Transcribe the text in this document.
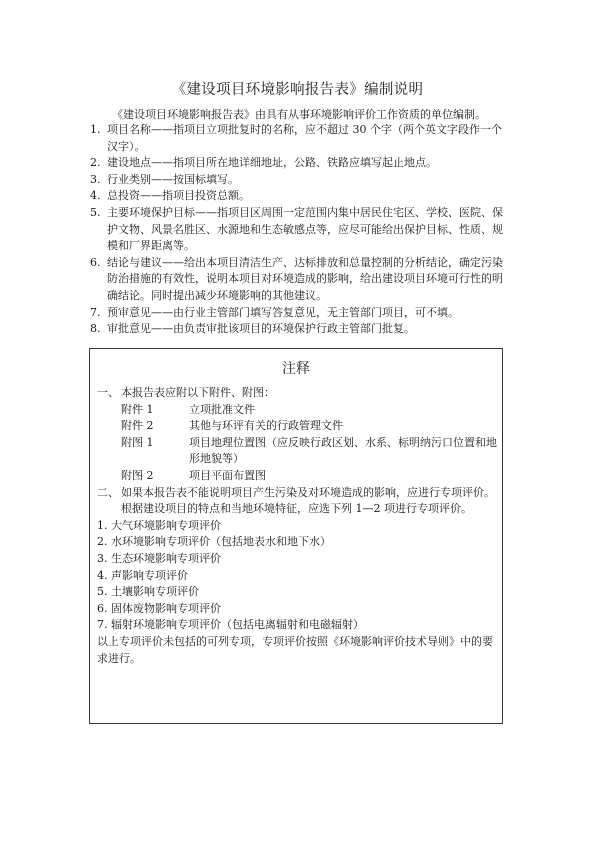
《建设项目环境影响报告表》编制说明
《建设项目环境影响报告表》由具有从事环境影响评价工作资质的单位编制。
1. 项目名称——指项目立项批复时的名称，应不超过 30 个字（两个英文字段作一个汉字）。
2. 建设地点——指项目所在地详细地址，公路、铁路应填写起止地点。
3. 行业类别——按国标填写。
4. 总投资——指项目投资总额。
5. 主要环境保护目标——指项目区周围一定范围内集中居民住宅区、学校、医院、保护文物、风景名胜区、水源地和生态敏感点等，应尽可能给出保护目标、性质、规模和厂界距离等。
6. 结论与建议——给出本项目清洁生产、达标排放和总量控制的分析结论，确定污染防治措施的有效性，说明本项目对环境造成的影响，给出建设项目环境可行性的明确结论。同时提出减少环境影响的其他建议。
7. 预审意见——由行业主管部门填写答复意见，无主管部门项目，可不填。
8. 审批意见——由负责审批该项目的环境保护行政主管部门批复。
注释
一、 本报告表应附以下附件、附图：
附件 1	立项批准文件
附件 2	其他与环评有关的行政管理文件
附图 1	项目地理位置图（应反映行政区划、水系、标明纳污口位置和地形地貌等）
附图 2	项目平面布置图
二、 如果本报告表不能说明项目产生污染及对环境造成的影响，应进行专项评价。根据建设项目的特点和当地环境特征，应选下列 1—2 项进行专项评价。
1. 大气环境影响专项评价
2. 水环境影响专项评价（包括地表水和地下水）
3. 生态环境影响专项评价
4. 声影响专项评价
5. 土壤影响专项评价
6. 固体废物影响专项评价
7. 辐射环境影响专项评价（包括电离辐射和电磁辐射）
以上专项评价未包括的可列专项，专项评价按照《环境影响评价技术导则》中的要求进行。
